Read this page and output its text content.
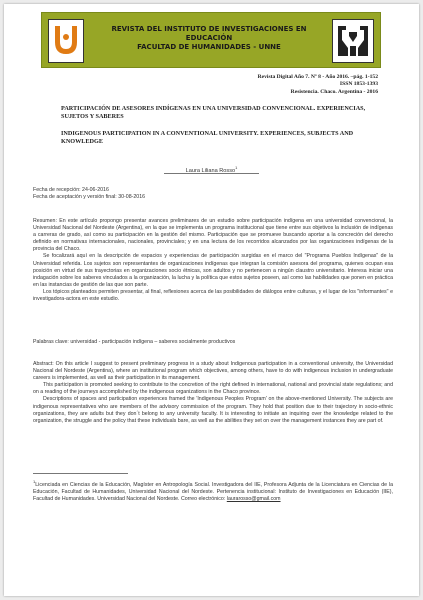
REVISTA DEL INSTITUTO DE INVESTIGACIONES EN EDUCACIÓN
FACULTAD DE HUMANIDADES - UNNE
Revista Digital Año 7. Nº 8 - Año 2016. –pág. 1-152
ISSN 1853-1393
Resistencia. Chaco. Argentina - 2016
PARTICIPACIÓN DE ASESORES INDÍGENAS EN UNA UNIVERSIDAD CONVENCIONAL. EXPERIENCIAS, SUJETOS Y SABERES
INDIGENOUS PARTICIPATION IN A CONVENTIONAL UNIVERSITY. EXPERIENCES, SUBJECTS AND KNOWLEDGE
Laura Liliana Rosso$^1$
Fecha de recepción: 24-06-2016
Fecha de aceptación y versión final: 30-08-2016

Resumen: En este artículo propongo presentar avances preliminares de un estudio sobre participación indígena en una universidad convencional, la Universidad Nacional del Nordeste (Argentina), en la que se implementa un programa institucional que tiene entre sus objetivos la inclusión de indígenas a carreras de grado, así como su participación en la gestión del mismo. Participación que se promueve buscando aportar a la concreción del derecho definido en normativas internacionales, nacionales, provinciales; y en una lectura de los recorridos alcanzados por las organizaciones indígenas de la provincia del Chaco.

Se focalizará aquí en la descripción de espacios y experiencias de participación surgidas en el marco del "Programa Pueblos Indígenas" de la Universidad referida. Los sujetos son representantes de organizaciones indígenas que integran la comisión asesora del programa, quienes ocupan esa posición en virtud de sus trayectorias en organizaciones socio étnicas, son adultos y no pertenecen a ningún claustro universitario. Interesa iniciar una indagación sobre los saberes vinculados a la organización, la lucha y la política que estos sujetos poseen, así como las habilidades que ponen en práctica en las instancias de gestión de las que son parte.

Los tópicos planteados permiten presentar, al final, reflexiones acerca de las posibilidades de diálogos entre culturas, y el lugar de los "informantes" e investigadora-actora en este estudio.

Palabras clave: universidad - participación indígena – saberes socialmente productivos

Abstract: On this article I suggest to present preliminary progress in a study about Indigenous participation in a conventional university, the Universidad Nacional del Nordeste (Argentina), where an institutional program which objectives, among others, have to do with indigenous inclusion in undergraduate careers is implemented, as well as their participation in its management.

This participation is promoted seeking to contribute to the concretion of the right defined in international, national and provincial state regulations; and on a reading of the journeys accomplished by the indigenous organizations in the Chaco province.

Descriptions of spaces and participation experiences framed the 'Indigenous Peoples Program' on the above-mentioned University. The subjects are indigenous representatives who are members of the advisory commission of the program. They hold that position due to their trajectory in socio-ethnic organizations, they are adults but they don´t belong to any university faculty. It is interesting to initiate an inquiring over the knowledge related to the organization, the struggle and the policy that these individuals bare, as well as the abilities they set on over the management instances they are part of.

$^1$Licenciada en Ciencias de la Educación, Magíster en Antropología Social. Investigadora del IIE, Profesora Adjunta de la Licenciatura en Ciencias de la Educación, Facultad de Humanidades, Universidad Nacional del Nordeste. Pertenencia institucional: Instituto de Investigaciones en Educación (IIE), Facultad de Humanidades. Universidad Nacional del Nordeste. Correo electrónico: laurarosso@gmail.com
